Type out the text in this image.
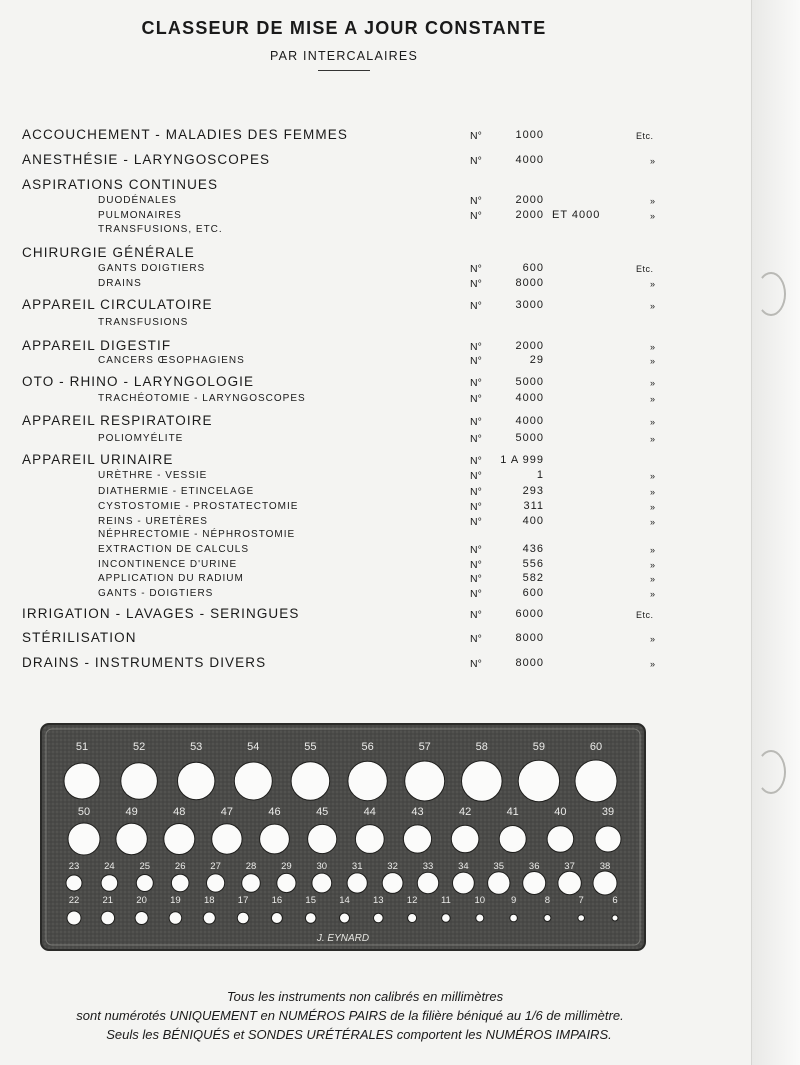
CLASSEUR DE MISE A JOUR CONSTANTE
PAR INTERCALAIRES
ACCOUCHEMENT - MALADIES DES FEMMES	N°	1000	Etc.
ANESTHÉSIE - LARYNGOSCOPES	N°	4000	»
ASPIRATIONS CONTINUES
DUODÉNALES	N°	2000	»
PULMONAIRES	N°	2000 ET 4000	»
TRANSFUSIONS, ETC.
CHIRURGIE GÉNÉRALE
GANTS DOIGTIERS	N°	600	Etc.
DRAINS	N°	8000	»
APPAREIL CIRCULATOIRE	N°	3000	»
TRANSFUSIONS
APPAREIL DIGESTIF	N°	2000	»
CANCERS ŒSOPHAGIENS	N°	29	»
OTO - RHINO - LARYNGOLOGIE	N°	5000	»
TRACHÉOTOMIE - LARYNGOSCOPES	N°	4000	»
APPAREIL RESPIRATOIRE	N°	4000	»
POLIOMYÉLITE	N°	5000	»
APPAREIL URINAIRE	N° 1 A 999
URÈTHRE - VESSIE	N°	1	»
DIATHERMIE - ETINCELAGE	N°	293	»
CYSTOSTOMIE - PROSTATECTOMIE	N°	311	»
REINS - URETÈRES	N°	400	»
NÉPHRECTOMIE - NÉPHROSTOMIE
EXTRACTION DE CALCULS	N°	436	»
INCONTINENCE D'URINE	N°	556	»
APPLICATION DU RADIUM	N°	582	»
GANTS - DOIGTIERS	N°	600	»
IRRIGATION - LAVAGES - SERINGUES	N°	6000	Etc.
STÉRILISATION	N°	8000	»
DRAINS - INSTRUMENTS DIVERS	N°	8000	»
51	52	53	54	55	56	57	58	59	60
50	49	48	47	46	45	44	43	42	41	40	39
23	24	25	26	27	28	29	30	31	32	33	34	35	36	37	38
22 21 20 19 18 17 16 15 14 13 12 11 10	9	8	7	6
J. EYNARD
Tous les instruments non calibrés en millimètres
sont numérotés UNIQUEMENT en NUMÉROS PAIRS de la filière béniqué au 1/6 de millimètre.
Seuls les BÉNIQUÉS et SONDES URÉTÉRALES comportent les NUMÉROS IMPAIRS.
